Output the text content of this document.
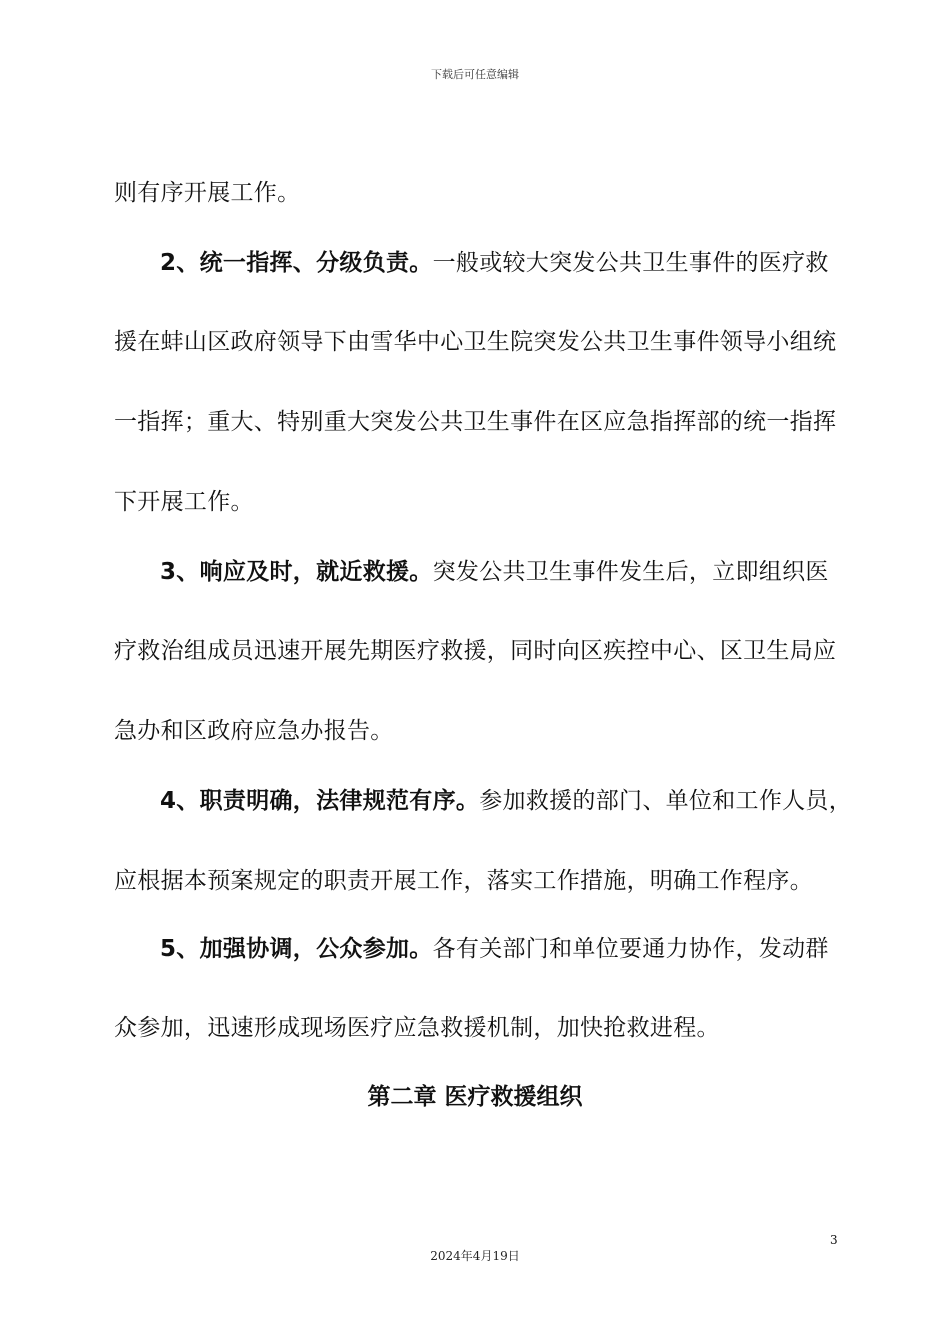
下载后可任意编辑
则有序开展工作。
2、统一指挥、分级负责。一般或较大突发公共卫生事件的医疗救
援在蚌山区政府领导下由雪华中心卫生院突发公共卫生事件领导小组统
一指挥；重大、特别重大突发公共卫生事件在区应急指挥部的统一指挥
下开展工作。
3、响应及时，就近救援。突发公共卫生事件发生后，立即组织医
疗救治组成员迅速开展先期医疗救援，同时向区疾控中心、区卫生局应
急办和区政府应急办报告。
4、职责明确，法律规范有序。参加救援的部门、单位和工作人员，
应根据本预案规定的职责开展工作，落实工作措施，明确工作程序。
5、加强协调，公众参加。各有关部门和单位要通力协作，发动群
众参加，迅速形成现场医疗应急救援机制，加快抢救进程。
第二章 医疗救援组织
3
2024年4月19日
